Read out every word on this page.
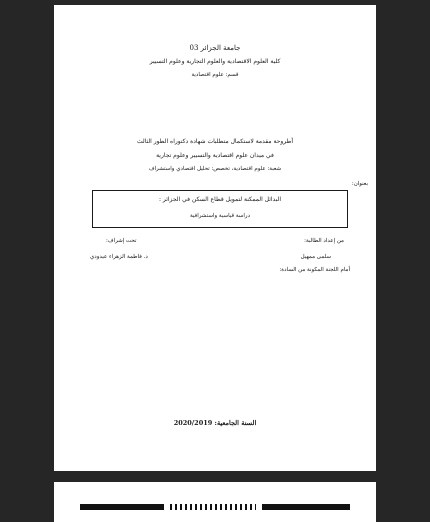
جامعة الجزائر 03
كلية العلوم الاقتصادية والعلوم التجارية وعلوم التسيير
قسم: علوم اقتصادية
أطروحة مقدمة لاستكمال متطلبات شهادة دكتوراه الطور الثالث
في ميدان علوم اقتصادية والتسيير وعلوم تجارية
شعبة: علوم اقتصادية، تخصص: تحليل اقتصادي واستشراف
بعنوان:
البدائل الممكنة لتمويل قطاع السكن في الجزائر :
دراسة قياسية واستشرافية
من إعداد الطالبة:
سلمى ممهيل
تحت إشراف:
د. فاطمة الزهراء عيدودي
أمام اللجنة المكونة من السادة:
السنة الجامعية: 2020/2019
